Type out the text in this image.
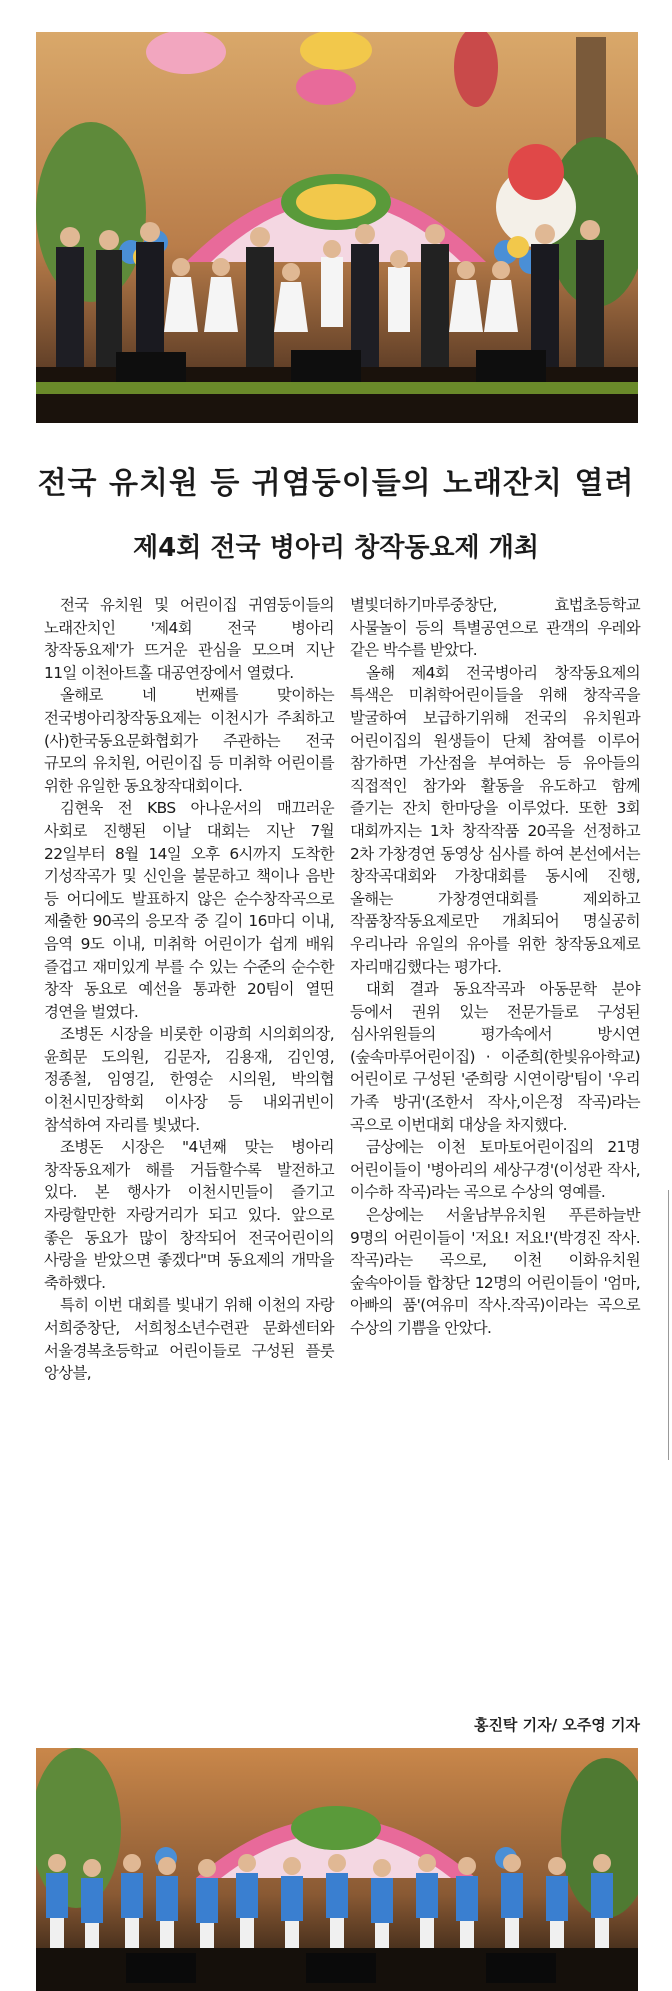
전국 유치원 등 귀염둥이들의 노래잔치 열려
제4회 전국 병아리 창작동요제 개최

전국 유치원 및 어린이집 귀염둥이들의 노래잔치인 '제4회 전국 병아리 창작동요제'가 뜨거운 관심을 모으며 지난 11일 이천아트홀 대공연장에서 열렸다.

올해로 네 번째를 맞이하는 전국병아리창작동요제는 이천시가 주최하고 (사)한국동요문화협회가 주관하는 전국 규모의 유치원, 어린이집 등 미취학 어린이를 위한 유일한 동요창작대회이다.

김현욱 전 KBS 아나운서의 매끄러운 사회로 진행된 이날 대회는 지난 7월 22일부터 8월 14일 오후 6시까지 도착한 기성작곡가 및 신인을 불문하고 책이나 음반 등 어디에도 발표하지 않은 순수창작곡으로 제출한 90곡의 응모작 중 길이 16마디 이내, 음역 9도 이내, 미취학 어린이가 쉽게 배워 즐겁고 재미있게 부를 수 있는 수준의 순수한 창작 동요로 예선을 통과한 20팀이 열띤 경연을 벌였다.

조병돈 시장을 비롯한 이광희 시의회의장, 윤희문 도의원, 김문자, 김용재, 김인영, 정종철, 임영길, 한영순 시의원, 박의협 이천시민장학회 이사장 등 내외귀빈이 참석하여 자리를 빛냈다.

조병돈 시장은 "4년째 맞는 병아리 창작동요제가 해를 거듭할수록 발전하고 있다. 본 행사가 이천시민들이 즐기고 자랑할만한 자랑거리가 되고 있다. 앞으로 좋은 동요가 많이 창작되어 전국어린이의 사랑을 받았으면 좋겠다"며 동요제의 개막을 축하했다.

특히 이번 대회를 빛내기 위해 이천의 자랑 서희중창단, 서희청소년수련관 문화센터와 서울경복초등학교 어린이들로 구성된 플룻 앙상블,

별빛더하기마루중창단, 효법초등학교 사물놀이 등의 특별공연으로 관객의 우레와 같은 박수를 받았다.

올해 제4회 전국병아리 창작동요제의 특색은 미취학어린이들을 위해 창작곡을 발굴하여 보급하기위해 전국의 유치원과 어린이집의 원생들이 단체 참여를 이루어 참가하면 가산점을 부여하는 등 유아들의 직접적인 참가와 활동을 유도하고 함께 즐기는 잔치 한마당을 이루었다. 또한 3회 대회까지는 1차 창작작품 20곡을 선정하고 2차 가창경연 동영상 심사를 하여 본선에서는 창작곡대회와 가창대회를 동시에 진행, 올해는 가창경연대회를 제외하고 작품창작동요제로만 개최되어 명실공히 우리나라 유일의 유아를 위한 창작동요제로 자리매김했다는 평가다.

대회 결과 동요작곡과 아동문학 분야 등에서 권위 있는 전문가들로 구성된 심사위원들의 평가속에서 방시연(숲속마루어린이집) · 이준희(한빛유아학교) 어린이로 구성된 '준희랑 시연이랑'팀이 '우리 가족 방귀'(조한서 작사,이은정 작곡)라는 곡으로 이번대회 대상을 차지했다.

금상에는 이천 토마토어린이집의 21명 어린이들이 '병아리의 세상구경'(이성관 작사, 이수하 작곡)라는 곡으로 수상의 영예를.

은상에는 서울남부유치원 푸른하늘반 9명의 어린이들이 '저요! 저요!'(박경진 작사.작곡)라는 곡으로, 이천 이화유치원 숲속아이들 합창단 12명의 어린이들이 '엄마, 아빠의 품'(여유미 작사.작곡)이라는 곡으로 수상의 기쁨을 안았다.

홍진탁 기자/ 오주영 기자
